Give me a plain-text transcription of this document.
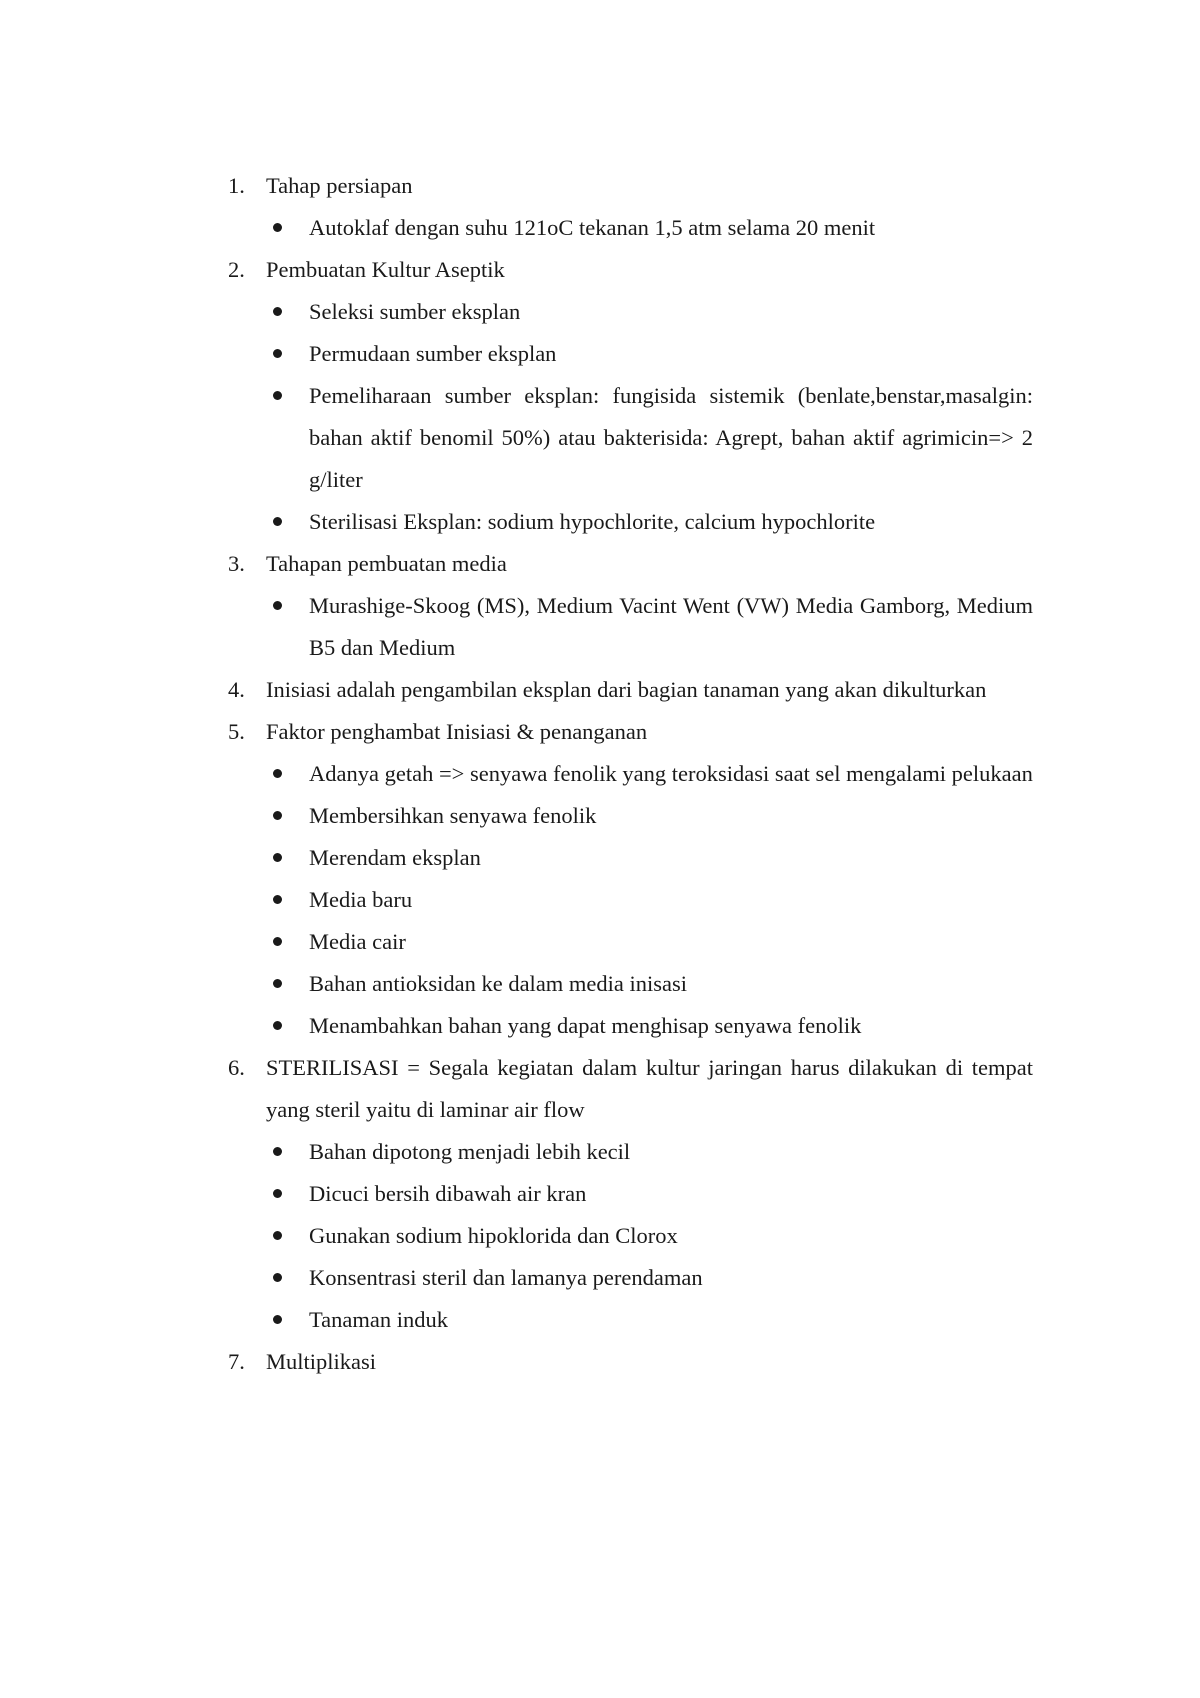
1. Tahap persiapan
Autoklaf dengan suhu 121oC tekanan 1,5 atm selama 20 menit
2. Pembuatan Kultur Aseptik
Seleksi sumber eksplan
Permudaan sumber eksplan
Pemeliharaan sumber eksplan: fungisida sistemik (benlate,benstar,masalgin: bahan aktif benomil 50%) atau bakterisida: Agrept, bahan aktif agrimicin=> 2 g/liter
Sterilisasi Eksplan: sodium hypochlorite, calcium hypochlorite
3. Tahapan pembuatan media
Murashige-Skoog (MS), Medium Vacint Went (VW) Media Gamborg, Medium B5 dan Medium
4. Inisiasi adalah pengambilan eksplan dari bagian tanaman yang akan dikulturkan
5. Faktor penghambat Inisiasi & penanganan
Adanya getah => senyawa fenolik yang teroksidasi saat sel mengalami pelukaan
Membersihkan senyawa fenolik
Merendam eksplan
Media baru
Media cair
Bahan antioksidan ke dalam media inisasi
Menambahkan bahan yang dapat menghisap senyawa fenolik
6. STERILISASI = Segala kegiatan dalam kultur jaringan harus dilakukan di tempat yang steril yaitu di laminar air flow
Bahan dipotong menjadi lebih kecil
Dicuci bersih dibawah air kran
Gunakan sodium hipoklorida dan Clorox
Konsentrasi steril dan lamanya perendaman
Tanaman induk
7. Multiplikasi
